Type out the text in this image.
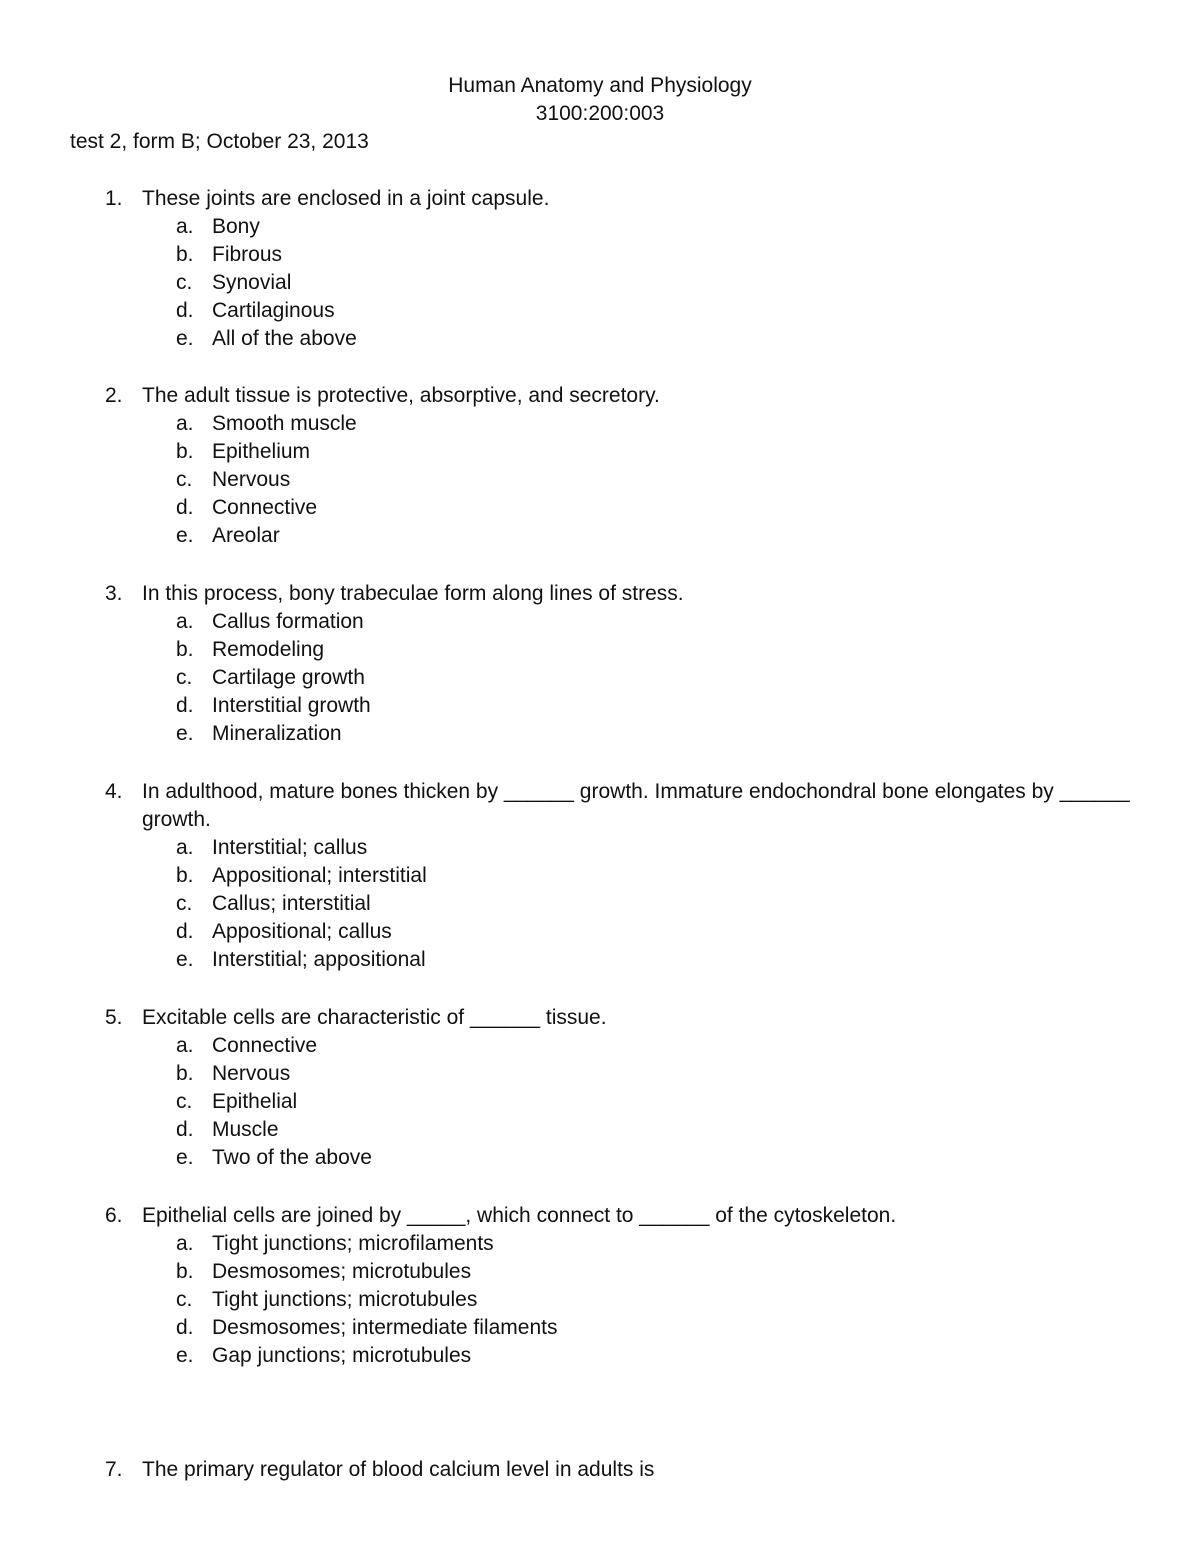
Human Anatomy and Physiology
3100:200:003
test 2, form B; October 23, 2013
1. These joints are enclosed in a joint capsule.
a. Bony
b. Fibrous
c. Synovial
d. Cartilaginous
e. All of the above
2. The adult tissue is protective, absorptive, and secretory.
a. Smooth muscle
b. Epithelium
c. Nervous
d. Connective
e. Areolar
3. In this process, bony trabeculae form along lines of stress.
a. Callus formation
b. Remodeling
c. Cartilage growth
d. Interstitial growth
e. Mineralization
4. In adulthood, mature bones thicken by ______ growth. Immature endochondral bone elongates by ______ growth.
a. Interstitial; callus
b. Appositional; interstitial
c. Callus; interstitial
d. Appositional; callus
e. Interstitial; appositional
5. Excitable cells are characteristic of ______ tissue.
a. Connective
b. Nervous
c. Epithelial
d. Muscle
e. Two of the above
6. Epithelial cells are joined by _____, which connect to ______ of the cytoskeleton.
a. Tight junctions; microfilaments
b. Desmosomes; microtubules
c. Tight junctions; microtubules
d. Desmosomes; intermediate filaments
e. Gap junctions; microtubules
7. The primary regulator of blood calcium level in adults is
